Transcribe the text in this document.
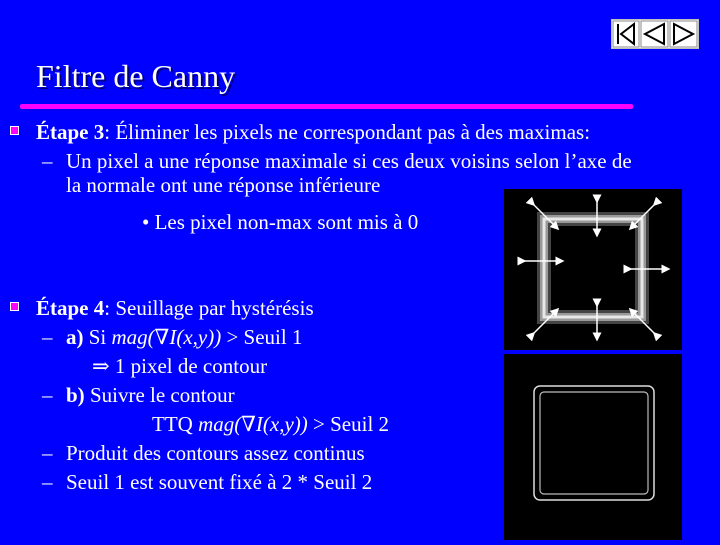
Filtre de Canny
Étape 3: Éliminer les pixels ne correspondant pas à des maximas:
– Un pixel a une réponse maximale si ces deux voisins selon l’axe de
la normale ont une réponse inférieure
• Les pixel non-max sont mis à 0
Étape 4: Seuillage par hystérésis
– a) Si mag(∇I(x,y)) > Seuil 1
⇒ 1 pixel de contour
– b) Suivre le contour
TTQ mag(∇I(x,y)) > Seuil 2
– Produit des contours assez continus
– Seuil 1 est souvent fixé à 2 * Seuil 2
